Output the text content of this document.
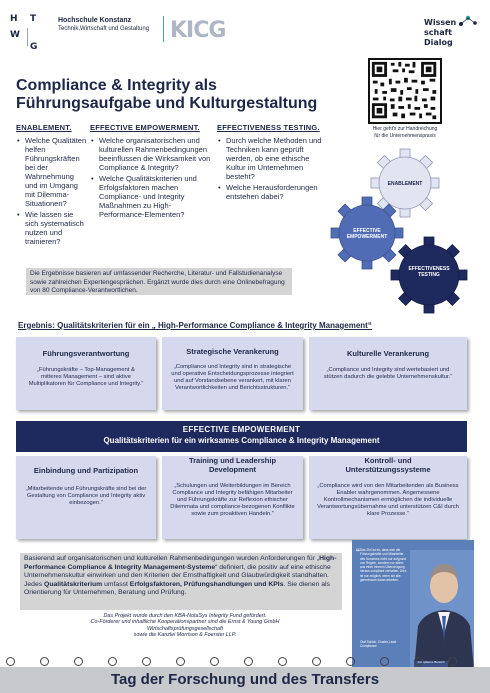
H T
W
G
Hochschule Konstanz
Technik,Wirtschaft und Gestaltung KICG	Wissen
schaft
Dialog
Compliance & Integrity als
Führungsaufgabe und Kulturgestaltung
Hier geht's zur Handreichung
für die Unternehmenspraxis
ENABLEMENT.
• Welche Qualitäten helfen Führungskräften bei der Wahrnehmung und im Umgang mit Dilemma-Situationen?
• Wie lassen sie sich systematisch nutzen und trainieren?
EFFECTIVE EMPOWERMENT.
• Welche organisatorischen und kulturellen Rahmenbedingungen beeinflussen die Wirksamkeit von Compliance & Integrity?
• Welche Qualitätskriterien und Erfolgsfaktoren machen Compliance- und Integrity Maßnahmen zu High-Performance-Elementen?
EFFECTIVENESS TESTING.
• Durch welche Methoden und Techniken kann geprüft werden, ob eine ethische Kultur im Unternehmen besteht?
• Welche Herausforderungen entstehen dabei?
ENABLEMENT
EFFECTIVE
EMPOWERMENT
EFFECTIVENESS
TESTING
Die Ergebnisse basieren auf umfassender Recherche, Literatur- und Fallstudienanalyse sowie zahlreichen Expertengesprächen. Ergänzt wurde dies durch eine Onlinebefragung von 80 Compliance-Verantwortlichen.
Ergebnis: Qualitätskriterien für ein „ High-Performance Compliance & Integrity Management“
Führungsverantwortung
„Führungskräfte – Top-Management & mitteres Management – sind aktive Multiplikatoren für Compliance und Integrity.“
Strategische Verankerung
„Compliance und Integrity sind in strategische und operative Entscheidungsprozesse integriert und auf Vorstandsebene verankert, mit klaren Verantwortlichkeiten und Berichtsstrukturen.“
Kulturelle Verankerung
„Compliance und Integrity sind wertebasiert und stützen dadurch die gelebte Unternehmenskultur.“
EFFECTIVE EMPOWERMENT
Qualitätskriterien für ein wirksames Compliance & Integrity Management
Einbindung und Partizipation
„Mitarbeitende und Führungskräfte sind bei der Gestaltung von Compliance und Integrity aktiv einbezogen.“
Training und Leadership Development
„Schulungen und Weiterbildungen im Bereich Compliance und Integrity befähigen Mitarbeiter und Führungskräfte zur Reflexion ethischer Dilemmata und compliance-bezogenen Konflikte sowie zum proaktiven Handeln.“
Kontroll- und Unterstützungssysteme
„Compliance wird von den Mitarbeitenden als Business Enabler wahrgenommen. Angemessene Kontrollmechanismen ermöglichen die individuelle Verantwortungsübernahme und unterstützen C&I durch klare Prozesse.“
Basierend auf organisatorischen und kulturellen Rahmenbedingungen wurden Anforderungen für „High-Performance Compliance & Integrity Management-Systeme“ definiert, die positiv auf eine ethische Unternehmenskultur einwirken und den Kriterien der Ernsthaftigkeit und Glaubwürdigkeit standhalten. Jedes Qualitätskriterium umfasst Erfolgsfaktoren, Prüfungshandlungen und KPIs. Sie dienen als Orientierung für Unternehmen, Beratung und Prüfung.
“ Das Ziel ist es, dass sich die Führungskräfte und Mitarbeiter des Konzerns nicht nur aufgrund von Regeln, sondern vor allem aus einer inneren Überzeugung heraus compliant verhalten. Dies ist nur möglich, wenn wir alle gemeinsam daran arbeiten.
Olaf Schick, Cluster-Lead Compliance
Compliance Bereich
Das Projekt wurde durch den KBA-NotaSys Integrity Fund gefördert.
Co-Förderer und inhaltliche Kooperationspartner sind die Ernst & Young GmbH Wirtschaftsprüfungsgesellschaft
sowie die Kanzlei Morrison & Foerster LLP.
Tag der Forschung und des Transfers
